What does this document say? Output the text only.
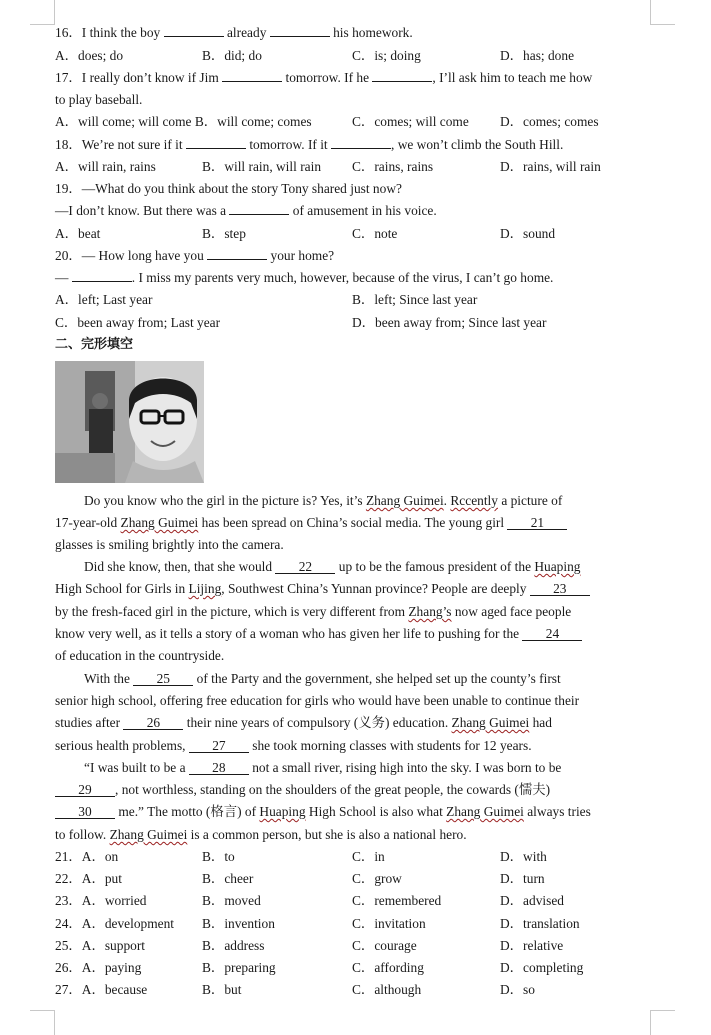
16．I think the boy	already	his homework.
A．does; do	B．did; do	C．is; doing	D．has; done
17．I really don’t know if Jim	tomorrow. If he	, I’ll ask him to teach me how
to play baseball.
A．will come; will come B．will come; comes	C．comes; will come D．comes; comes
18．We’re not sure if it	tomorrow. If it	, we won’t climb the South Hill.
A．will rain, rains	B．will rain, will rain C．rains, rains	D．rains, will rain
19．—What do you think about the story Tony shared just now?
—I don’t know. But there was a	of amusement in his voice.
A．beat	B．step	C．note	D．sound
20．— How long have you	your home?
—	. I miss my parents very much, however, because of the virus, I can’t go home.
A．left; Last year	B．left; Since last year
C．been away from; Last year	D．been away from; Since last year
二、完形填空
Do you know who the girl in the picture is? Yes, it’s Zhang Guimei. Rccently a picture of
17-year-old Zhang Guimei has been spread on China’s social media. The young girl 21
glasses is smiling brightly into the camera.
Did she know, then, that she would 22 up to be the famous president of the Huaping
High School for Girls in Lijing, Southwest China’s Yunnan province? People are deeply 23
by the fresh-faced girl in the picture, which is very different from Zhang’s now aged face people
know very well, as it tells a story of a woman who has given her life to pushing for the 24
of education in the countryside.
With the 25 of the Party and the government, she helped set up the county’s first
senior high school, offering free education for girls who would have been unable to continue their
studies after 26 their nine years of compulsory (义务) education. Zhang Guimei had
serious health problems, 27 she took morning classes with students for 12 years.
“I was built to be a 28 not a small river, rising high into the sky. I was born to be
29 , not worthless, standing on the shoulders of the great people, the cowards (懦夫)
30 me.” The motto (格言) of Huaping High School is also what Zhang Guimei always tries
to follow. Zhang Guimei is a common person, but she is also a national hero.
21．A．on	B．to	C．in	D．with
22．A．put	B．cheer	C．grow	D．turn
23．A．worried	B．moved	C．remembered	D．advised
24．A．development B．invention	C．invitation	D．translation
25．A．support	B．address	C．courage	D．relative
26．A．paying	B．preparing	C．affording	D．completing
27．A．because	B．but	C．although	D．so
